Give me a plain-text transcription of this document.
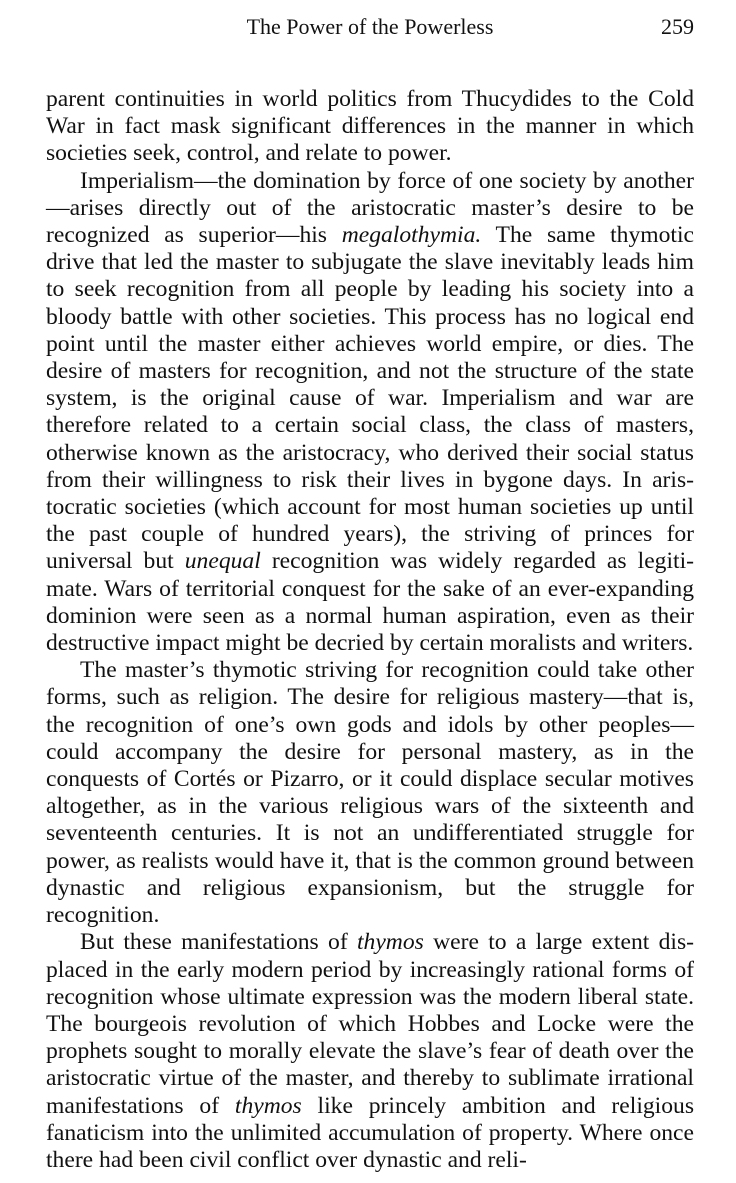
The Power of the Powerless	259

parent continuities in world politics from Thucydides to the Cold War in fact mask significant differences in the manner in which societies seek, control, and relate to power.

Imperialism—the domination by force of one society by another—arises directly out of the aristocratic master’s desire to be recognized as superior—his megalothymia. The same thymotic drive that led the master to subjugate the slave inevitably leads him to seek recognition from all people by leading his society into a bloody battle with other societies. This process has no logical end point until the master either achieves world empire, or dies. The desire of masters for recognition, and not the structure of the state system, is the original cause of war. Imperialism and war are therefore related to a certain social class, the class of masters, otherwise known as the aristocracy, who derived their social status from their willingness to risk their lives in bygone days. In aristocratic societies (which account for most human societies up until the past couple of hundred years), the striving of princes for universal but unequal recognition was widely regarded as legitimate. Wars of territorial conquest for the sake of an ever-expanding dominion were seen as a normal human aspiration, even as their destructive impact might be decried by certain moralists and writers.

The master’s thymotic striving for recognition could take other forms, such as religion. The desire for religious mastery—that is, the recognition of one’s own gods and idols by other peoples—could accompany the desire for personal mastery, as in the conquests of Cortés or Pizarro, or it could displace secular motives altogether, as in the various religious wars of the sixteenth and seventeenth centuries. It is not an undifferentiated struggle for power, as realists would have it, that is the common ground between dynastic and religious expansionism, but the struggle for recognition.

But these manifestations of thymos were to a large extent displaced in the early modern period by increasingly rational forms of recognition whose ultimate expression was the modern liberal state. The bourgeois revolution of which Hobbes and Locke were the prophets sought to morally elevate the slave’s fear of death over the aristocratic virtue of the master, and thereby to sublimate irrational manifestations of thymos like princely ambition and religious fanaticism into the unlimited accumulation of property. Where once there had been civil conflict over dynastic and reli-
